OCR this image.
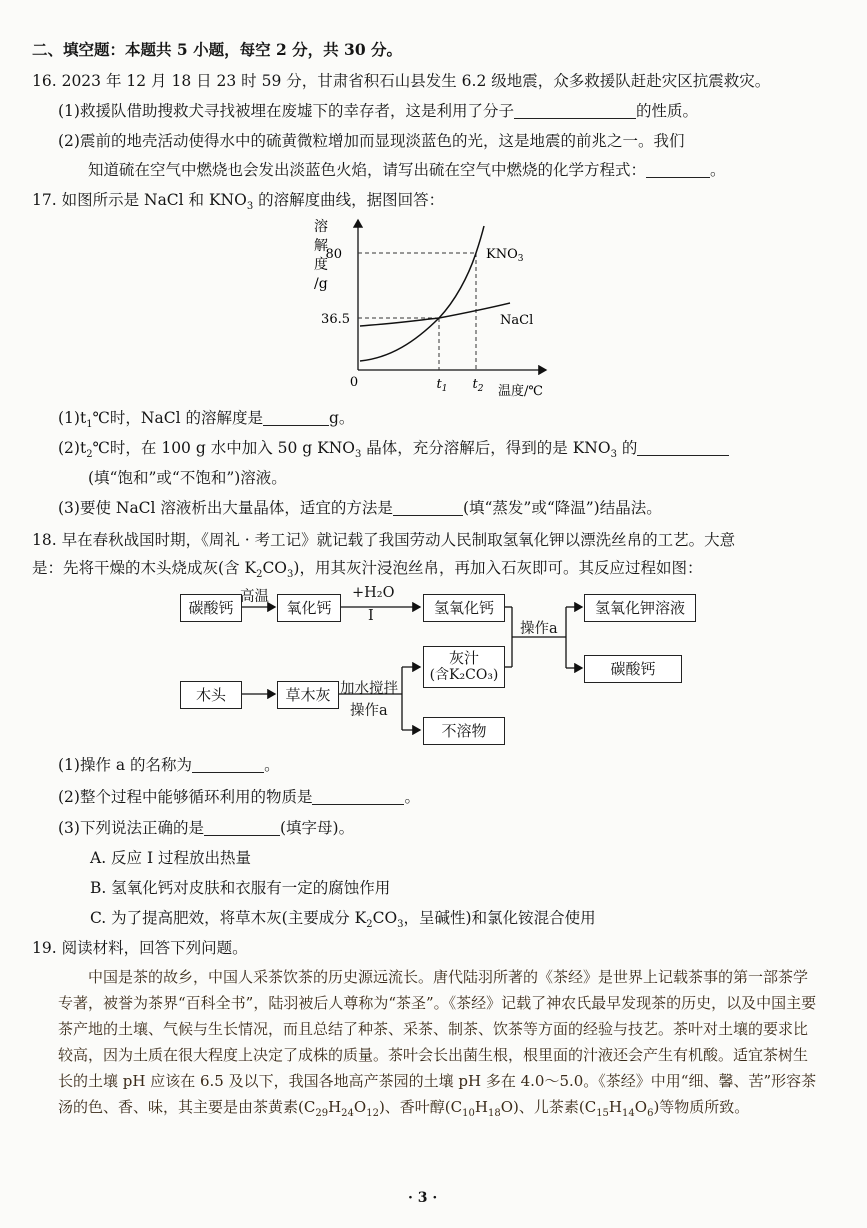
二、填空题：本题共 5 小题，每空 2 分，共 30 分。
16. 2023 年 12 月 18 日 23 时 59 分，甘肃省积石山县发生 6.2 级地震，众多救援队赶赴灾区抗震救灾。
(1)救援队借助搜救犬寻找被埋在废墟下的幸存者，这是利用了分子	的性质。
(2)震前的地壳活动使得水中的硫黄微粒增加而显现淡蓝色的光，这是地震的前兆之一。我们
知道硫在空气中燃烧也会发出淡蓝色火焰，请写出硫在空气中燃烧的化学方程式：	。
17. 如图所示是 NaCl 和 $KNO_3$ 的溶解度曲线，据图回答：
溶
解
度
/g
80
36.5
0	$t_1$ $t_2$ 温度/℃
$KNO_3$
NaCl
$(1)t_1℃$时，NaCl 的溶解度是	g。
$(2)t_2℃$时，在 100 g 水中加入 50 g $KNO_3$ 晶体，充分溶解后，得到的是 $KNO_3$ 的
(填“饱和”或“不饱和”)溶液。
(3)要使 NaCl 溶液析出大量晶体，适宜的方法是	(填“蒸发”或“降温”)结晶法。
18. 早在春秋战国时期，《周礼 · 考工记》就记载了我国劳动人民制取氢氧化钾以漂洗丝帛的工艺。大意
是：先将干燥的木头烧成灰(含 $K_2CO_3$)，用其灰汁浸泡丝帛，再加入石灰即可。其反应过程如图：
碳酸钙
高温
氧化钙
+H₂O
I	氢氧化钙
操作a
氢氧化钾溶液
碳酸钙
木头	草木灰 加水搅拌
操作a
灰汁
(含K₂CO₃)
不溶物
(1)操作 a 的名称为	。
(2)整个过程中能够循环利用的物质是	。
(3)下列说法正确的是	(填字母)。
A. 反应 Ⅰ 过程放出热量
B. 氢氧化钙对皮肤和衣服有一定的腐蚀作用
C. 为了提高肥效，将草木灰(主要成分 $K_2CO_3$，呈碱性)和氯化铵混合使用
19. 阅读材料，回答下列问题。

中国是茶的故乡，中国人采茶饮茶的历史源远流长。唐代陆羽所著的《茶经》是世界上记载茶事的第一部茶学专著，被誉为茶界“百科全书”，陆羽被后人尊称为“茶圣”。《茶经》记载了神农氏最早发现茶的历史，以及中国主要茶产地的土壤、气候与生长情况，而且总结了种茶、采茶、制茶、饮茶等方面的经验与技艺。茶叶对土壤的要求比较高，因为土质在很大程度上决定了成株的质量。茶叶会长出菌生根，根里面的汁液还会产生有机酸。适宜茶树生长的土壤 pH 应该在 6.5 及以下，我国各地高产茶园的土壤 pH 多在 4.0～5.0。《茶经》中用“细、馨、苦”形容茶汤的色、香、味，其主要是由茶黄素$(C_{29}H_{24}O_{12})$、香叶醇$(C_{10}H_{18}O)$、儿茶素$(C_{15}H_{14}O_6)$等物质所致。

· 3 ·
